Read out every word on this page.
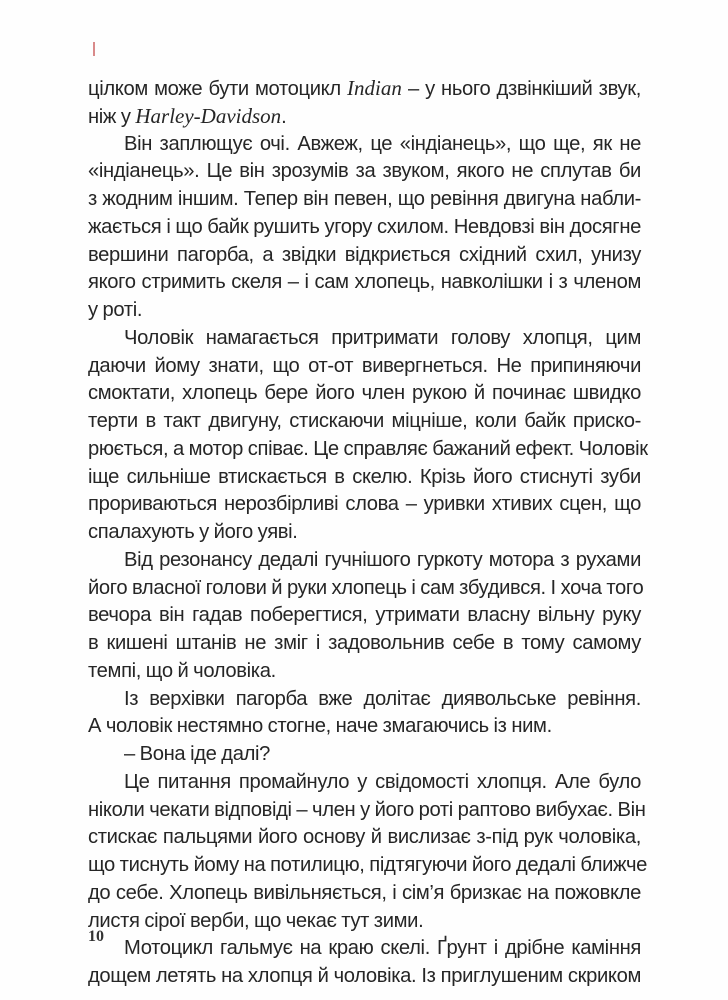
цілком може бути мотоцикл Indian – у нього дзвінкіший звук,
ніж у Harley-Davidson.
Він заплющує очі. Авжеж, це «індіанець», що ще, як не
«індіанець». Це він зрозумів за звуком, якого не сплутав би
з жодним іншим. Тепер він певен, що ревіння двигуна набли-
жається і що байк рушить угору схилом. Невдовзі він досягне
вершини пагорба, а звідки відкриється східний схил, унизу
якого стримить скеля – і сам хлопець, навколішки і з членом
у роті.
Чоловік намагається притримати голову хлопця, цим
даючи йому знати, що от-от вивергнеться. Не припиняючи
смоктати, хлопець бере його член рукою й починає швидко
терти в такт двигуну, стискаючи міцніше, коли байк приско-
рюється, а мотор співає. Це справляє бажаний ефект. Чоловік
іще сильніше втискається в скелю. Крізь його стиснуті зуби
прориваються нерозбірливі слова – уривки хтивих сцен, що
спалахують у його уяві.
Від резонансу дедалі гучнішого гуркоту мотора з рухами
його власної голови й руки хлопець і сам збудився. І хоча того
вечора він гадав поберегтися, утримати власну вільну руку
в кишені штанів не зміг і задовольнив себе в тому самому
темпі, що й чоловіка.
Із верхівки пагорба вже долітає диявольське ревіння.
А чоловік нестямно стогне, наче змагаючись із ним.
– Вона іде далі?
Це питання промайнуло у свідомості хлопця. Але було
ніколи чекати відповіді – член у його роті раптово вибухає. Він
стискає пальцями його основу й вислизає з-під рук чоловіка,
що тиснуть йому на потилицю, підтягуючи його дедалі ближче
до себе. Хлопець вивільняється, і сім’я бризкає на пожовкле
листя сірої верби, що чекає тут зими.
Мотоцикл гальмує на краю скелі. Ґрунт і дрібне каміння
дощем летять на хлопця й чоловіка. Із приглушеним скриком
10
